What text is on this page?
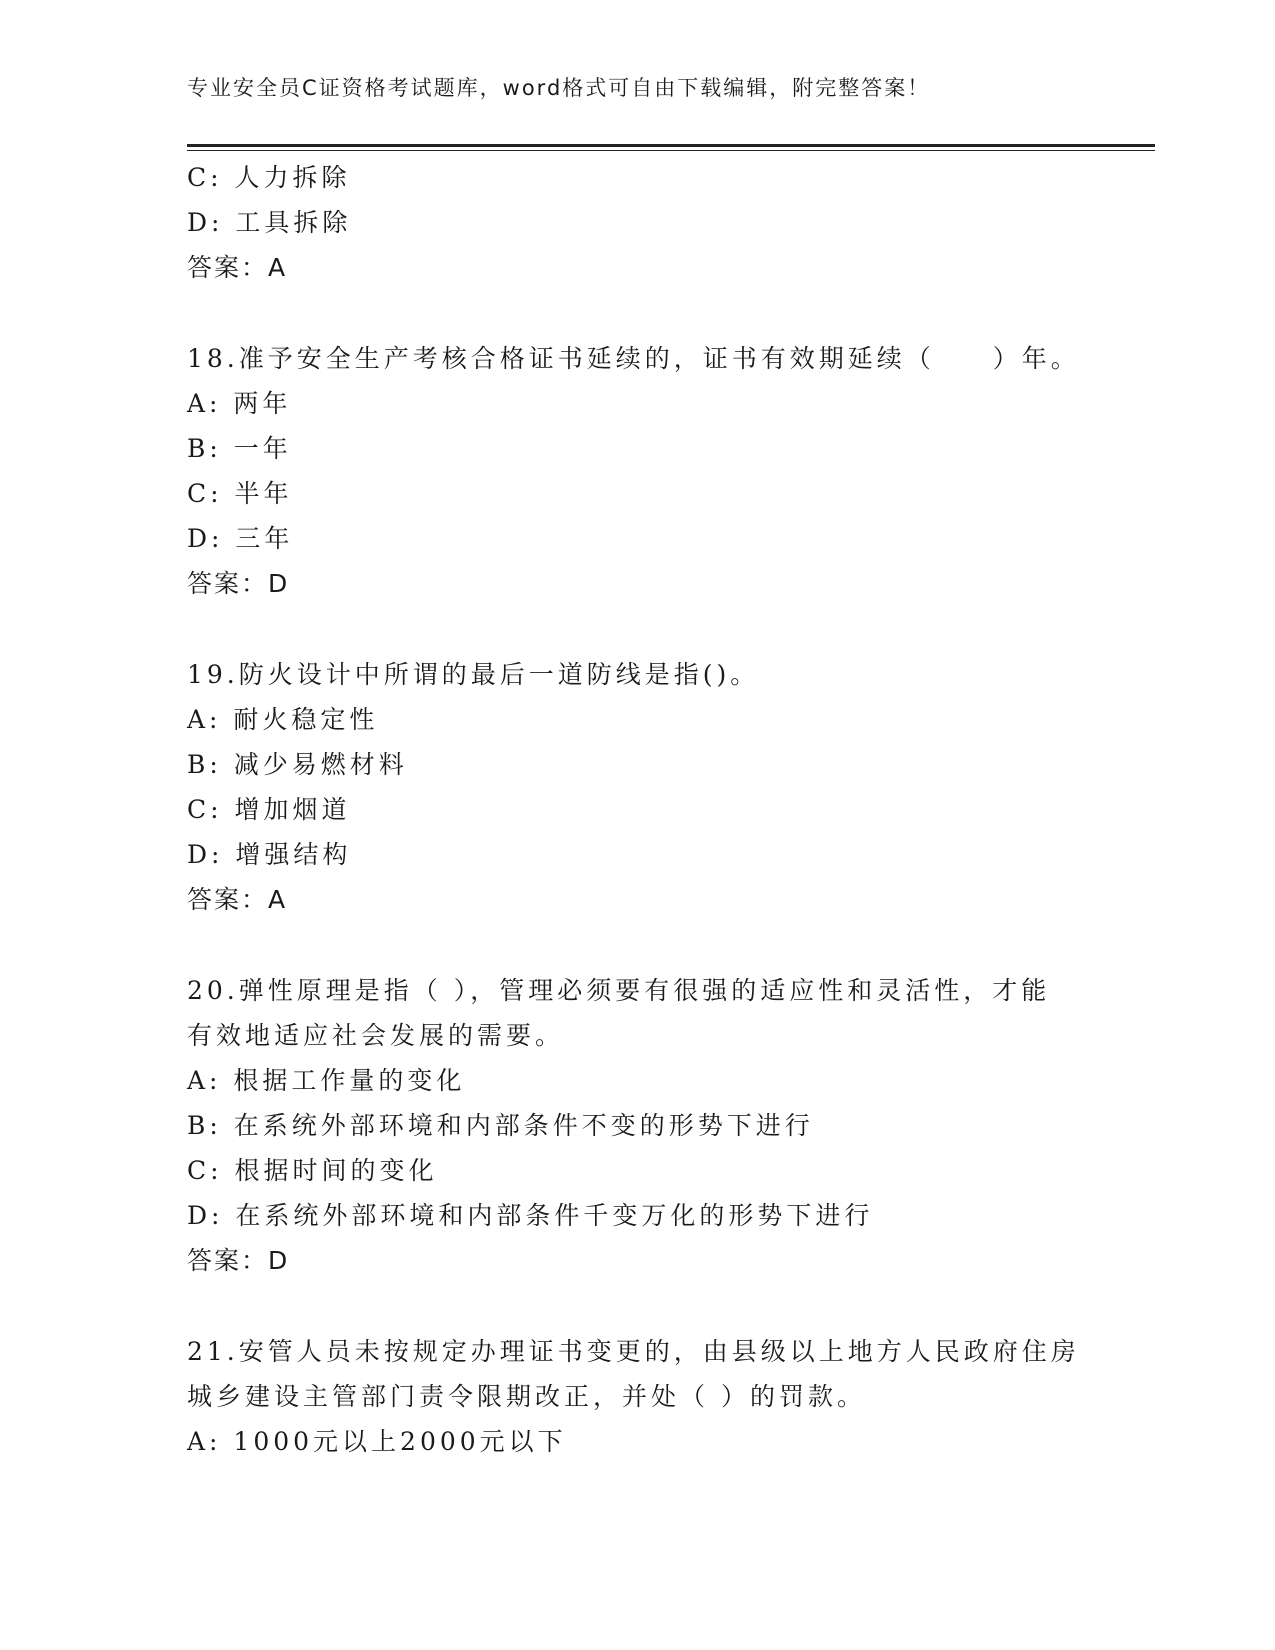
专业安全员C证资格考试题库，word格式可自由下载编辑，附完整答案！
C: 人力拆除
D: 工具拆除
答案：A
18.准予安全生产考核合格证书延续的，证书有效期延续（　　）年。
A: 两年
B: 一年
C: 半年
D: 三年
答案：D
19.防火设计中所谓的最后一道防线是指()。
A: 耐火稳定性
B: 减少易燃材料
C: 增加烟道
D: 增强结构
答案：A
20.弹性原理是指（ ），管理必须要有很强的适应性和灵活性，才能
有效地适应社会发展的需要。
A: 根据工作量的变化
B: 在系统外部环境和内部条件不变的形势下进行
C: 根据时间的变化
D: 在系统外部环境和内部条件千变万化的形势下进行
答案：D
21.安管人员未按规定办理证书变更的，由县级以上地方人民政府住房
城乡建设主管部门责令限期改正，并处（ ）的罚款。
A: 1000元以上2000元以下
